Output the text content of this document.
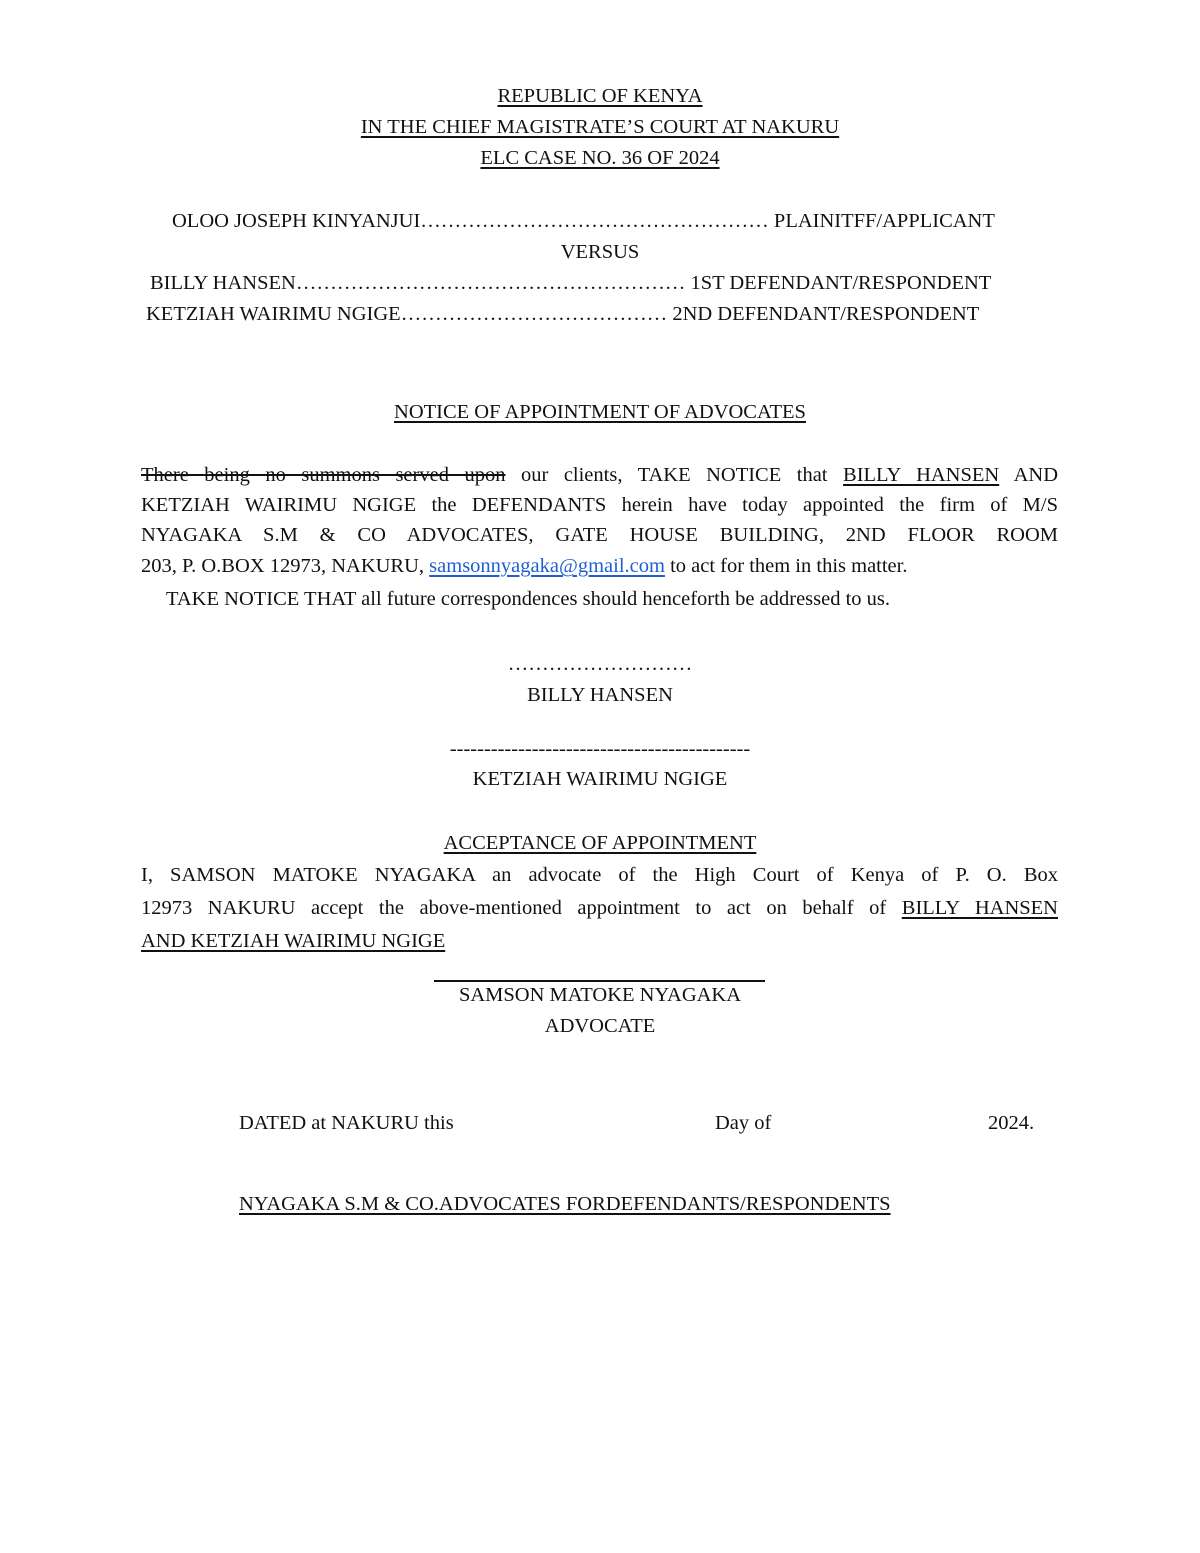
REPUBLIC OF KENYA
IN THE CHIEF MAGISTRATE’S COURT AT NAKURU
ELC CASE NO. 36 OF 2024
OLOO JOSEPH KINYANJUI…………………………………………… PLAINITFF/APPLICANT
VERSUS
BILLY HANSEN………………………………………………… 1ST DEFENDANT/RESPONDENT
KETZIAH WAIRIMU NGIGE………………………………… 2ND DEFENDANT/RESPONDENT
NOTICE OF APPOINTMENT OF ADVOCATES
There being no summons served upon our clients, TAKE NOTICE that BILLY HANSEN AND
KETZIAH WAIRIMU NGIGE the DEFENDANTS herein have today appointed the firm of M/S
NYAGAKA S.M & CO ADVOCATES, GATE HOUSE BUILDING, 2ND FLOOR ROOM
203, P. O.BOX 12973, NAKURU, samsonnyagaka@gmail.com to act for them in this matter.
TAKE NOTICE THAT all future correspondences should henceforth be addressed to us.
………………………
BILLY HANSEN
--------------------------------------------
KETZIAH WAIRIMU NGIGE
ACCEPTANCE OF APPOINTMENT
I, SAMSON MATOKE NYAGAKA an advocate of the High Court of Kenya of P. O. Box
12973 NAKURU accept the above-mentioned appointment to act on behalf of BILLY HANSEN
AND KETZIAH WAIRIMU NGIGE
SAMSON MATOKE NYAGAKA
ADVOCATE
DATED at NAKURU this	Day of	2024.
NYAGAKA S.M & CO.ADVOCATES FORDEFENDANTS/RESPONDENTS
